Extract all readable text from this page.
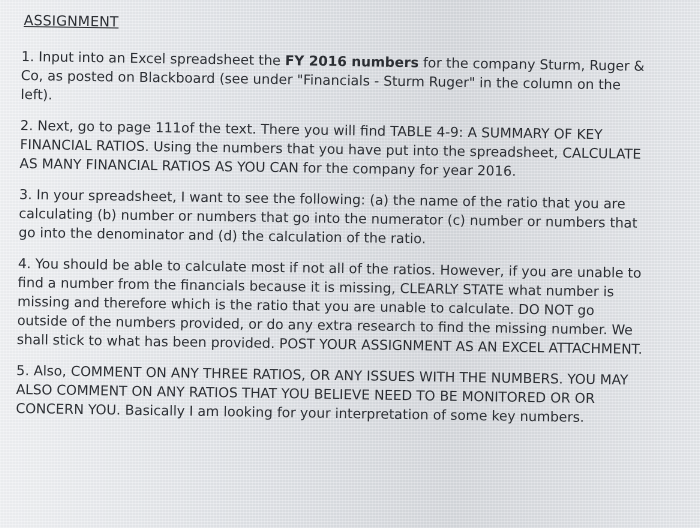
ASSIGNMENT

1. Input into an Excel spreadsheet the FY 2016 numbers for the company Sturm, Ruger & Co, as posted on Blackboard (see under "Financials - Sturm Ruger" in the column on the left).

2. Next, go to page 111of the text. There you will find TABLE 4-9: A SUMMARY OF KEY FINANCIAL RATIOS. Using the numbers that you have put into the spreadsheet, CALCULATE AS MANY FINANCIAL RATIOS AS YOU CAN for the company for year 2016.

3. In your spreadsheet, I want to see the following: (a) the name of the ratio that you are calculating (b) number or numbers that go into the numerator (c) number or numbers that go into the denominator and (d) the calculation of the ratio.

4. You should be able to calculate most if not all of the ratios. However, if you are unable to find a number from the financials because it is missing, CLEARLY STATE what number is missing and therefore which is the ratio that you are unable to calculate. DO NOT go outside of the numbers provided, or do any extra research to find the missing number. We shall stick to what has been provided. POST YOUR ASSIGNMENT AS AN EXCEL ATTACHMENT.

5. Also, COMMENT ON ANY THREE RATIOS, OR ANY ISSUES WITH THE NUMBERS. YOU MAY ALSO COMMENT ON ANY RATIOS THAT YOU BELIEVE NEED TO BE MONITORED OR OR CONCERN YOU. Basically I am looking for your interpretation of some key numbers.
